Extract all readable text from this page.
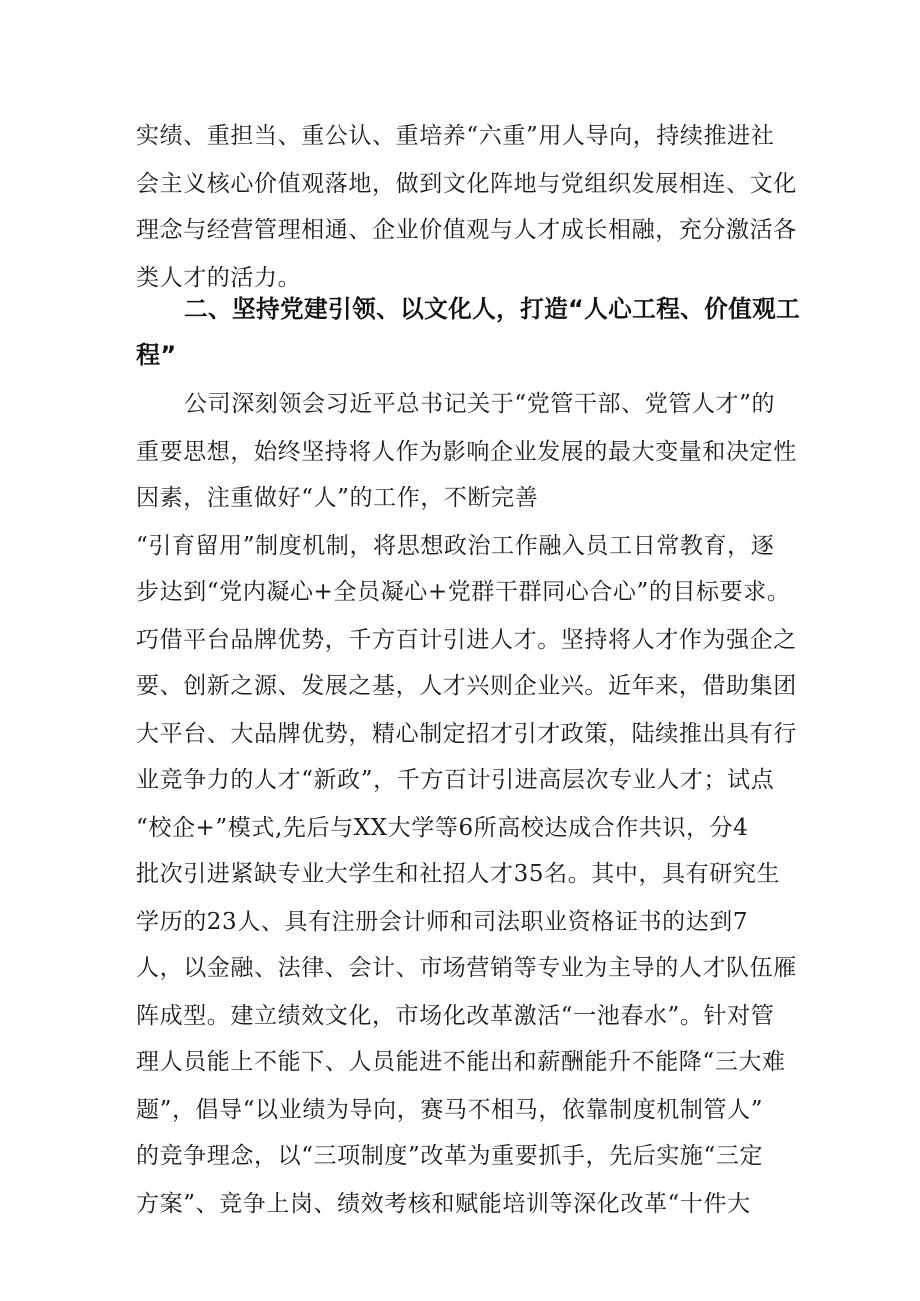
实绩、重担当、重公认、重培养“六重”用人导向，持续推进社
会主义核心价值观落地，做到文化阵地与党组织发展相连、文化
理念与经营管理相通、企业价值观与人才成长相融，充分激活各
类人才的活力。
二、坚持党建引领、以文化人，打造“人心工程、价值观工
程”
公司深刻领会习近平总书记关于“党管干部、党管人才”的
重要思想，始终坚持将人作为影响企业发展的最大变量和决定性
因素，注重做好“人”的工作，不断完善
“引育留用”制度机制，将思想政治工作融入员工日常教育，逐
步达到“党内凝心+全员凝心+党群干群同心合心”的目标要求。
巧借平台品牌优势，千方百计引进人才。坚持将人才作为强企之
要、创新之源、发展之基，人才兴则企业兴。近年来，借助集团
大平台、大品牌优势，精心制定招才引才政策，陆续推出具有行
业竞争力的人才“新政”，千方百计引进高层次专业人才；试点
“校企+”模式,先后与XX大学等6所高校达成合作共识，分4
批次引进紧缺专业大学生和社招人才35名。其中，具有研究生
学历的23人、具有注册会计师和司法职业资格证书的达到7
人，以金融、法律、会计、市场营销等专业为主导的人才队伍雁
阵成型。建立绩效文化，市场化改革激活“一池春水”。针对管
理人员能上不能下、人员能进不能出和薪酬能升不能降“三大难
题”，倡导“以业绩为导向，赛马不相马，依靠制度机制管人”
的竞争理念，以“三项制度”改革为重要抓手，先后实施“三定
方案”、竞争上岗、绩效考核和赋能培训等深化改革“十件大
